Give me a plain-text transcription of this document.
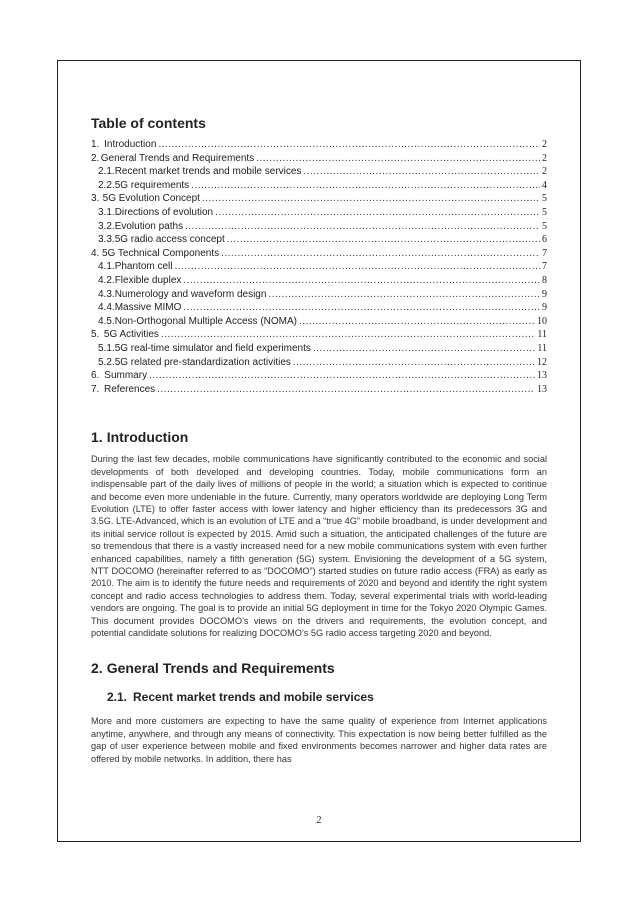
Table of contents
1. Introduction .....	2
2. General Trends and Requirements .....	2
2.1. Recent market trends and mobile services .....	2
2.2. 5G requirements .....	4
3. 5G Evolution Concept .....	5
3.1. Directions of evolution .....	5
3.2. Evolution paths .....	5
3.3. 5G radio access concept .....	6
4. 5G Technical Components .....	7
4.1. Phantom cell .....	7
4.2. Flexible duplex .....	8
4.3. Numerology and waveform design .....	9
4.4. Massive MIMO .....	9
4.5. Non-Orthogonal Multiple Access (NOMA) .....	10
5. 5G Activities .....	11
5.1. 5G real-time simulator and field experiments .....	11
5.2. 5G related pre-standardization activities .....	12
6. Summary .....	13
7. References .....	13
1. Introduction

During the last few decades, mobile communications have significantly contributed to the economic and social developments of both developed and developing countries. Today, mobile communications form an indispensable part of the daily lives of millions of people in the world; a situation which is expected to continue and become even more undeniable in the future. Currently, many operators worldwide are deploying Long Term Evolution (LTE) to offer faster access with lower latency and higher efficiency than its predecessors 3G and 3.5G. LTE-Advanced, which is an evolution of LTE and a “true 4G” mobile broadband, is under development and its initial service rollout is expected by 2015. Amid such a situation, the anticipated challenges of the future are so tremendous that there is a vastly increased need for a new mobile communications system with even further enhanced capabilities, namely a fifth generation (5G) system. Envisioning the development of a 5G system, NTT DOCOMO (hereinafter referred to as “DOCOMO”) started studies on future radio access (FRA) as early as 2010. The aim is to identify the future needs and requirements of 2020 and beyond and identify the right system concept and radio access technologies to address them. Today, several experimental trials with world-leading vendors are ongoing. The goal is to provide an initial 5G deployment in time for the Tokyo 2020 Olympic Games. This document provides DOCOMO’s views on the drivers and requirements, the evolution concept, and potential candidate solutions for realizing DOCOMO’s 5G radio access targeting 2020 and beyond.

2. General Trends and Requirements
2.1. Recent market trends and mobile services

More and more customers are expecting to have the same quality of experience from Internet applications anytime, anywhere, and through any means of connectivity. This expectation is now being better fulfilled as the gap of user experience between mobile and fixed environments becomes narrower and higher data rates are offered by mobile networks. In addition, there has

2
